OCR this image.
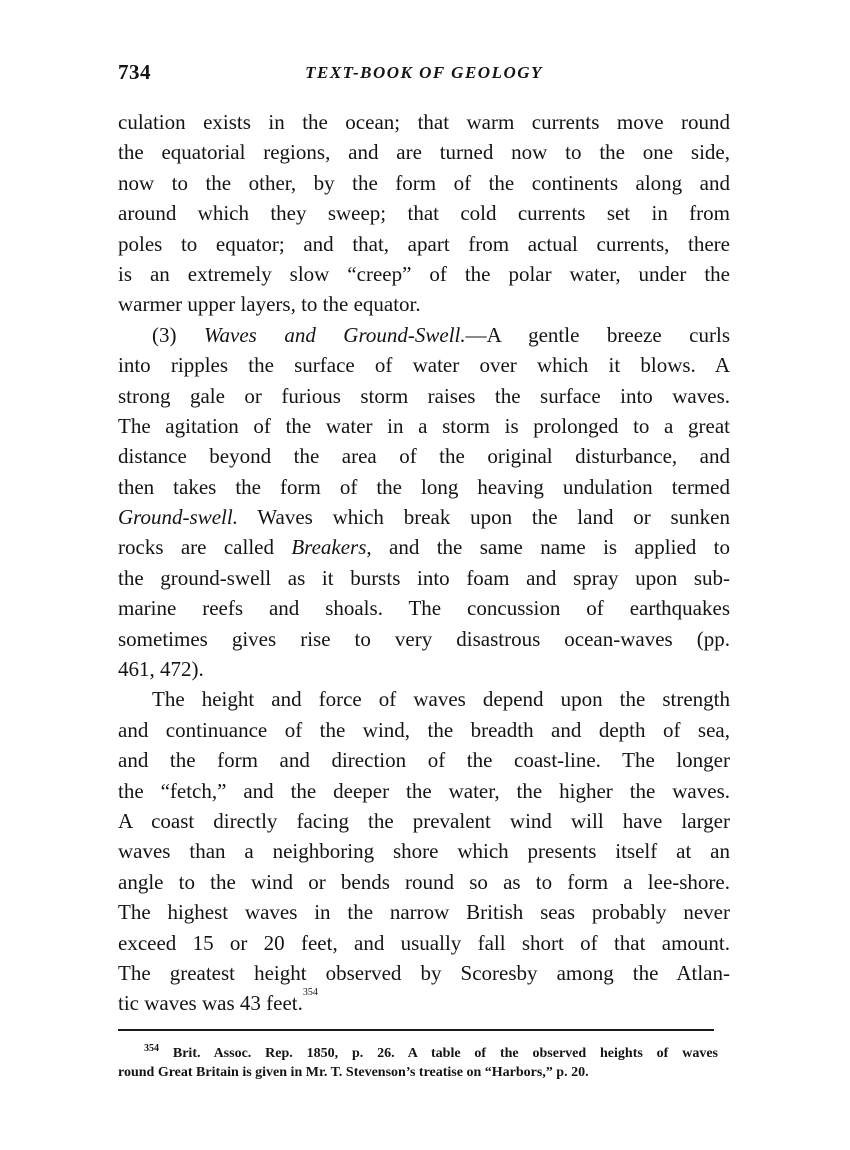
734	TEXT-BOOK OF GEOLOGY
culation exists in the ocean; that warm currents move round
the equatorial regions, and are turned now to the one side,
now to the other, by the form of the continents along and
around which they sweep; that cold currents set in from
poles to equator; and that, apart from actual currents, there
is an extremely slow “creep” of the polar water, under the
warmer upper layers, to the equator.
(3) Waves and Ground-Swell.—A gentle breeze curls
into ripples the surface of water over which it blows. A
strong gale or furious storm raises the surface into waves.
The agitation of the water in a storm is prolonged to a great
distance beyond the area of the original disturbance, and
then takes the form of the long heaving undulation termed
Ground-swell. Waves which break upon the land or sunken
rocks are called Breakers, and the same name is applied to
the ground-swell as it bursts into foam and spray upon sub-
marine reefs and shoals. The concussion of earthquakes
sometimes gives rise to very disastrous ocean-waves (pp.
461, 472).
The height and force of waves depend upon the strength
and continuance of the wind, the breadth and depth of sea,
and the form and direction of the coast-line. The longer
the “fetch,” and the deeper the water, the higher the waves.
A coast directly facing the prevalent wind will have larger
waves than a neighboring shore which presents itself at an
angle to the wind or bends round so as to form a lee-shore.
The highest waves in the narrow British seas probably never
exceed 15 or 20 feet, and usually fall short of that amount.
The greatest height observed by Scoresby among the Atlan-
tic waves was 43 feet.$^{354}$
$^{354}$ Brit. Assoc. Rep. 1850, p. 26. A table of the observed heights of waves
round Great Britain is given in Mr. T. Stevenson’s treatise on “Harbors,” p. 20.
